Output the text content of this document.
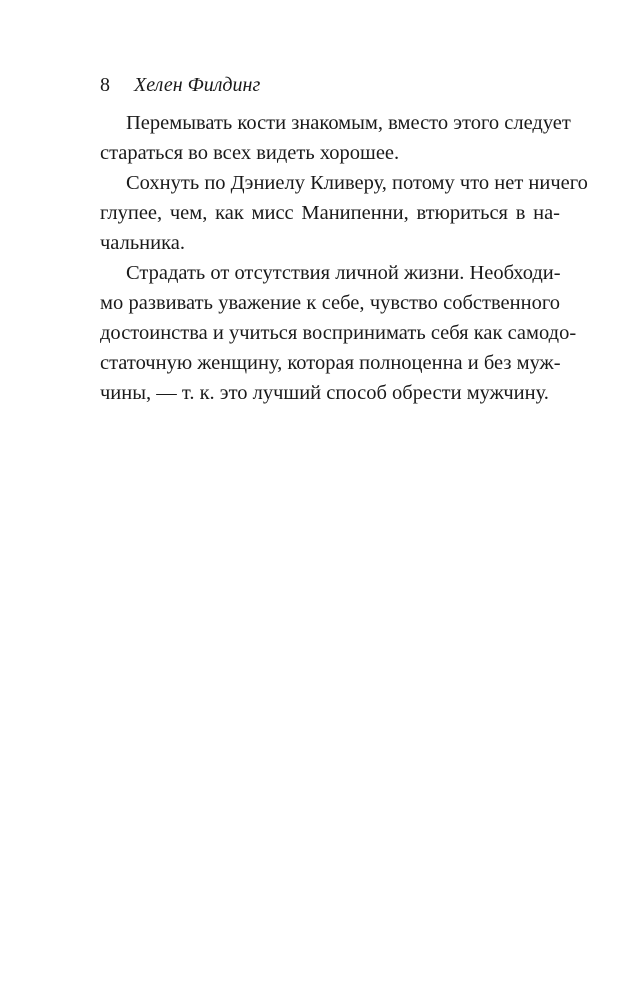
8 Хелен Филдинг
Перемывать кости знакомым, вместо этого следует
стараться во всех видеть хорошее.
Сохнуть по Дэниелу Кливеру, потому что нет ничего
глупее, чем, как мисс Манипенни, втюриться в на-
чальника.
Страдать от отсутствия личной жизни. Необходи-
мо развивать уважение к себе, чувство собственного
достоинства и учиться воспринимать себя как самодо-
статочную женщину, которая полноценна и без муж-
чины, — т. к. это лучший способ обрести мужчину.
